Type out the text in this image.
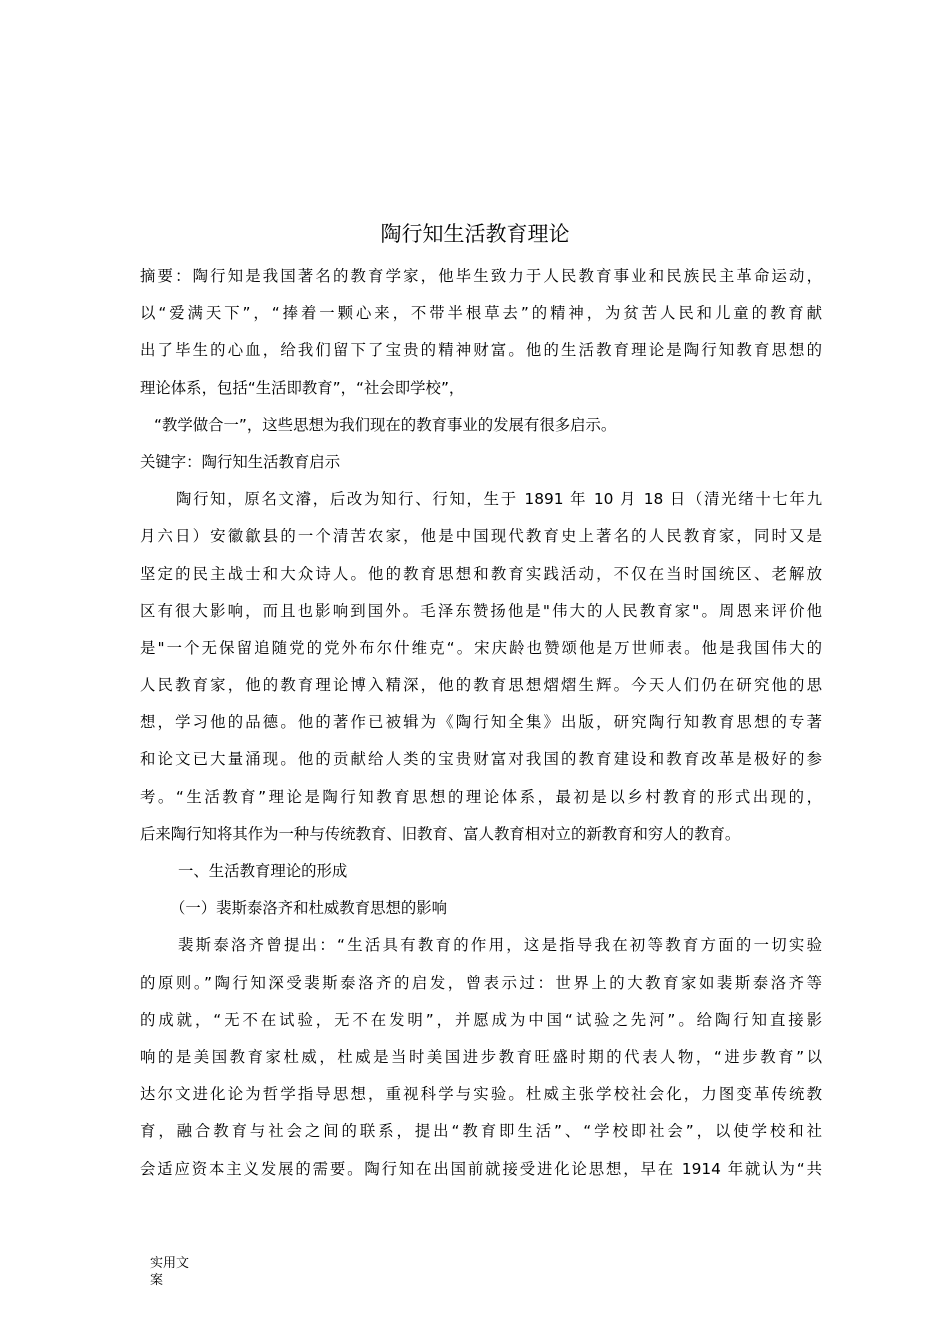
陶行知生活教育理论
摘要：陶行知是我国著名的教育学家，他毕生致力于人民教育事业和民族民主革命运动，
以“爱满天下”，“捧着一颗心来，不带半根草去”的精神，为贫苦人民和儿童的教育献
出了毕生的心血，给我们留下了宝贵的精神财富。他的生活教育理论是陶行知教育思想的
理论体系，包括“生活即教育”，“社会即学校”，
“教学做合一”，这些思想为我们现在的教育事业的发展有很多启示。
关键字：陶行知生活教育启示
陶行知，原名文濬，后改为知行、行知，生于 1891 年 10 月 18 日（清光绪十七年九
月六日）安徽歙县的一个清苦农家，他是中国现代教育史上著名的人民教育家，同时又是
坚定的民主战士和大众诗人。他的教育思想和教育实践活动，不仅在当时国统区、老解放
区有很大影响，而且也影响到国外。毛泽东赞扬他是"伟大的人民教育家"。周恩来评价他
是"一个无保留追随党的党外布尔什维克“。宋庆龄也赞颂他是万世师表。他是我国伟大的
人民教育家，他的教育理论博入精深，他的教育思想熠熠生辉。今天人们仍在研究他的思
想，学习他的品德。他的著作已被辑为《陶行知全集》出版，研究陶行知教育思想的专著
和论文已大量涌现。他的贡献给人类的宝贵财富对我国的教育建设和教育改革是极好的参
考。“生活教育”理论是陶行知教育思想的理论体系，最初是以乡村教育的形式出现的，
后来陶行知将其作为一种与传统教育、旧教育、富人教育相对立的新教育和穷人的教育。
一、生活教育理论的形成
（一）裴斯泰洛齐和杜威教育思想的影响
裴斯泰洛齐曾提出：“生活具有教育的作用，这是指导我在初等教育方面的一切实验
的原则。”陶行知深受裴斯泰洛齐的启发，曾表示过：世界上的大教育家如裴斯泰洛齐等
的成就，“无不在试验，无不在发明”，并愿成为中国“试验之先河”。给陶行知直接影
响的是美国教育家杜威，杜威是当时美国进步教育旺盛时期的代表人物，“进步教育”以
达尔文进化论为哲学指导思想，重视科学与实验。杜威主张学校社会化，力图变革传统教
育，融合教育与社会之间的联系，提出“教育即生活”、“学校即社会”，以使学校和社
会适应资本主义发展的需要。陶行知在出国前就接受进化论思想，早在 1914 年就认为“共
实用文
案
